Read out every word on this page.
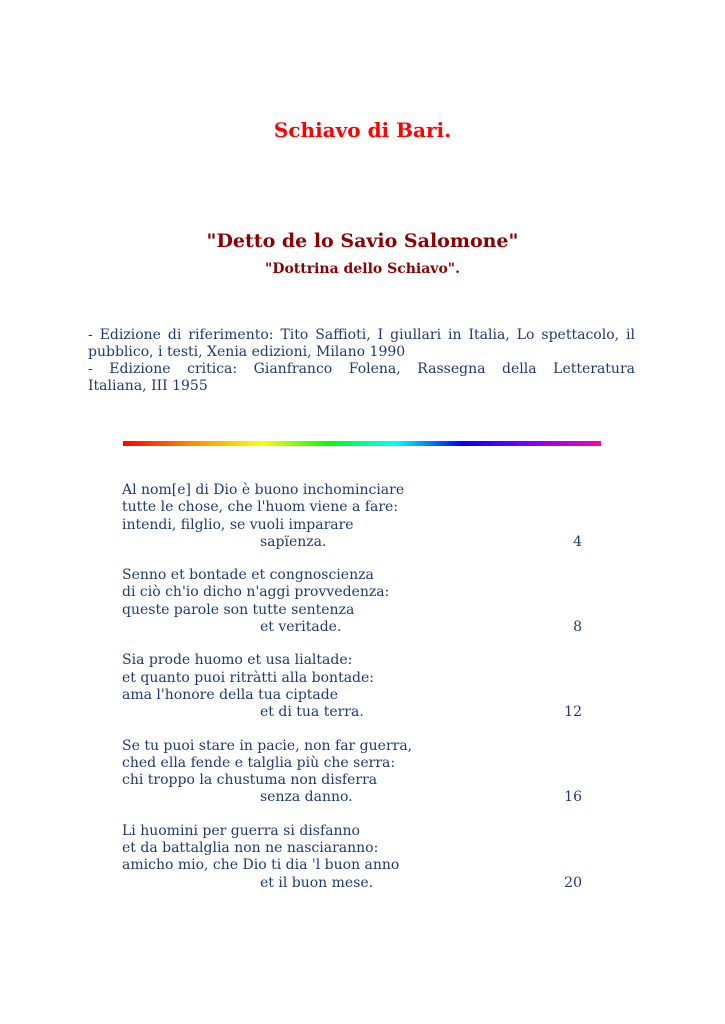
Schiavo di Bari.
"Detto de lo Savio Salomone"
"Dottrina dello Schiavo".
- Edizione di riferimento: Tito Saffioti, I giullari in Italia, Lo spettacolo, il
pubblico, i testi, Xenia edizioni, Milano 1990
- Edizione critica: Gianfranco Folena, Rassegna della Letteratura
Italiana, III 1955
Al nom[e] di Dio è buono inchominciare
tutte le chose, che l'huom viene a fare:
intendi, filglio, se vuoli imparare
sapïenza.	4
Senno et bontade et congnoscienza
di ciò ch'io dicho n'aggi provvedenza:
queste parole son tutte sentenza
et veritade.	8
Sia prode huomo et usa lialtade:
et quanto puoi ritràtti alla bontade:
ama l'honore della tua ciptade
et di tua terra.	12
Se tu puoi stare in pacie, non far guerra,
ched ella fende e talglia più che serra:
chi troppo la chustuma non disferra
senza danno.	16
Li huomini per guerra si disfanno
et da battalglia non ne nasciaranno:
amicho mio, che Dio ti dia 'l buon anno
et il buon mese.	20
